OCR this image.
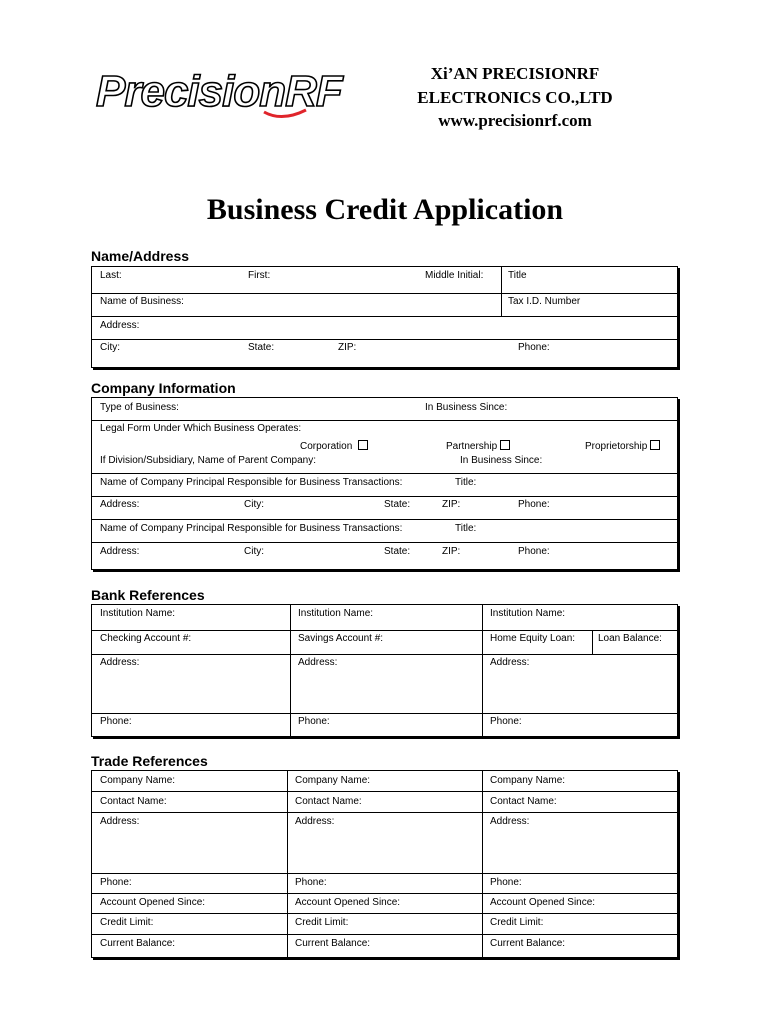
PrecisionRF	Xi’AN PRECISIONRF
ELECTRONICS CO.,LTD
www.precisionrf.com
Business Credit Application
Name/Address
Last:	First:	Middle Initial: Title
Name of Business:	Tax I.D. Number
Address:
City:	State:	ZIP:	Phone:
Company Information
Type of Business:	In Business Since:
Legal Form Under Which Business Operates:
Corporation	Partnership	Proprietorship
If Division/Subsidiary, Name of Parent Company:	In Business Since:
Name of Company Principal Responsible for Business Transactions:	Title:
Address:	City:	State:	ZIP:	Phone:
Name of Company Principal Responsible for Business Transactions:	Title:
Address:	City:	State:	ZIP:	Phone:
Bank References
Institution Name:	Institution Name:	Institution Name:
Checking Account #:	Savings Account #:	Home Equity Loan: Loan Balance:
Address:	Address:	Address:
Phone:	Phone:	Phone:
Trade References
Company Name:	Company Name:	Company Name:
Contact Name:	Contact Name:	Contact Name:
Address:	Address:	Address:
Phone:	Phone:	Phone:
Account Opened Since:	Account Opened Since:	Account Opened Since:
Credit Limit:	Credit Limit:	Credit Limit:
Current Balance:	Current Balance:	Current Balance:
